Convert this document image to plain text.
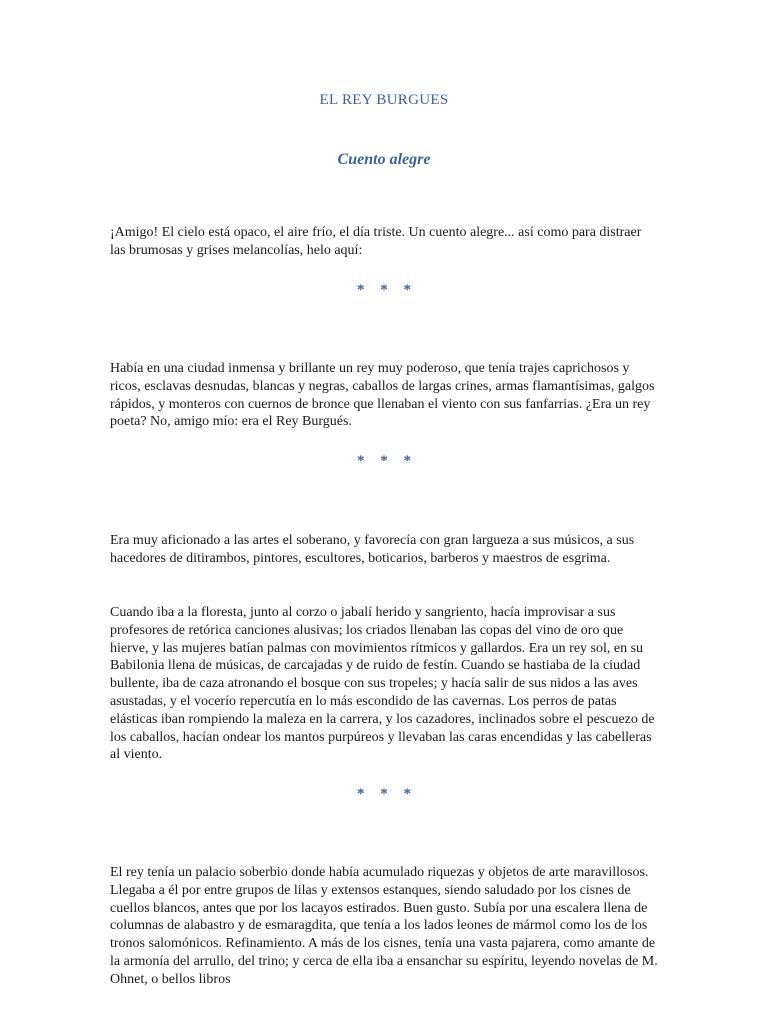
EL REY BURGUES
Cuento alegre

¡Amigo! El cielo está opaco, el aire frío, el día triste. Un cuento alegre... así como para distraer las brumosas y grises melancolías, helo aquí:

* * *

Había en una ciudad inmensa y brillante un rey muy poderoso, que tenía trajes caprichosos y ricos, esclavas desnudas, blancas y negras, caballos de largas crines, armas flamantísimas, galgos rápidos, y monteros con cuernos de bronce que llenaban el viento con sus fanfarrias. ¿Era un rey poeta? No, amigo mío: era el Rey Burgués.

* * *

Era muy aficionado a las artes el soberano, y favorecía con gran largueza a sus músicos, a sus hacedores de ditirambos, pintores, escultores, boticarios, barberos y maestros de esgrima.

Cuando iba a la floresta, junto al corzo o jabalí herido y sangriento, hacía improvisar a sus profesores de retórica canciones alusivas; los criados llenaban las copas del vino de oro que hierve, y las mujeres batían palmas con movimientos rítmicos y gallardos. Era un rey sol, en su Babilonia llena de músicas, de carcajadas y de ruido de festín. Cuando se hastiaba de la ciudad bullente, iba de caza atronando el bosque con sus tropeles; y hacía salir de sus nidos a las aves asustadas, y el vocerío repercutía en lo más escondido de las cavernas. Los perros de patas elásticas iban rompiendo la maleza en la carrera, y los cazadores, inclinados sobre el pescuezo de los caballos, hacían ondear los mantos purpúreos y llevaban las caras encendidas y las cabelleras al viento.

* * *

El rey tenía un palacio soberbio donde había acumulado riquezas y objetos de arte maravillosos. Llegaba a él por entre grupos de lilas y extensos estanques, siendo saludado por los cisnes de cuellos blancos, antes que por los lacayos estirados. Buen gusto. Subía por una escalera llena de columnas de alabastro y de esmaragdita, que tenía a los lados leones de mármol como los de los tronos salomónicos. Refinamiento. A más de los cisnes, tenía una vasta pajarera, como amante de la armonía del arrullo, del trino; y cerca de ella iba a ensanchar su espíritu, leyendo novelas de M. Ohnet, o bellos libros
